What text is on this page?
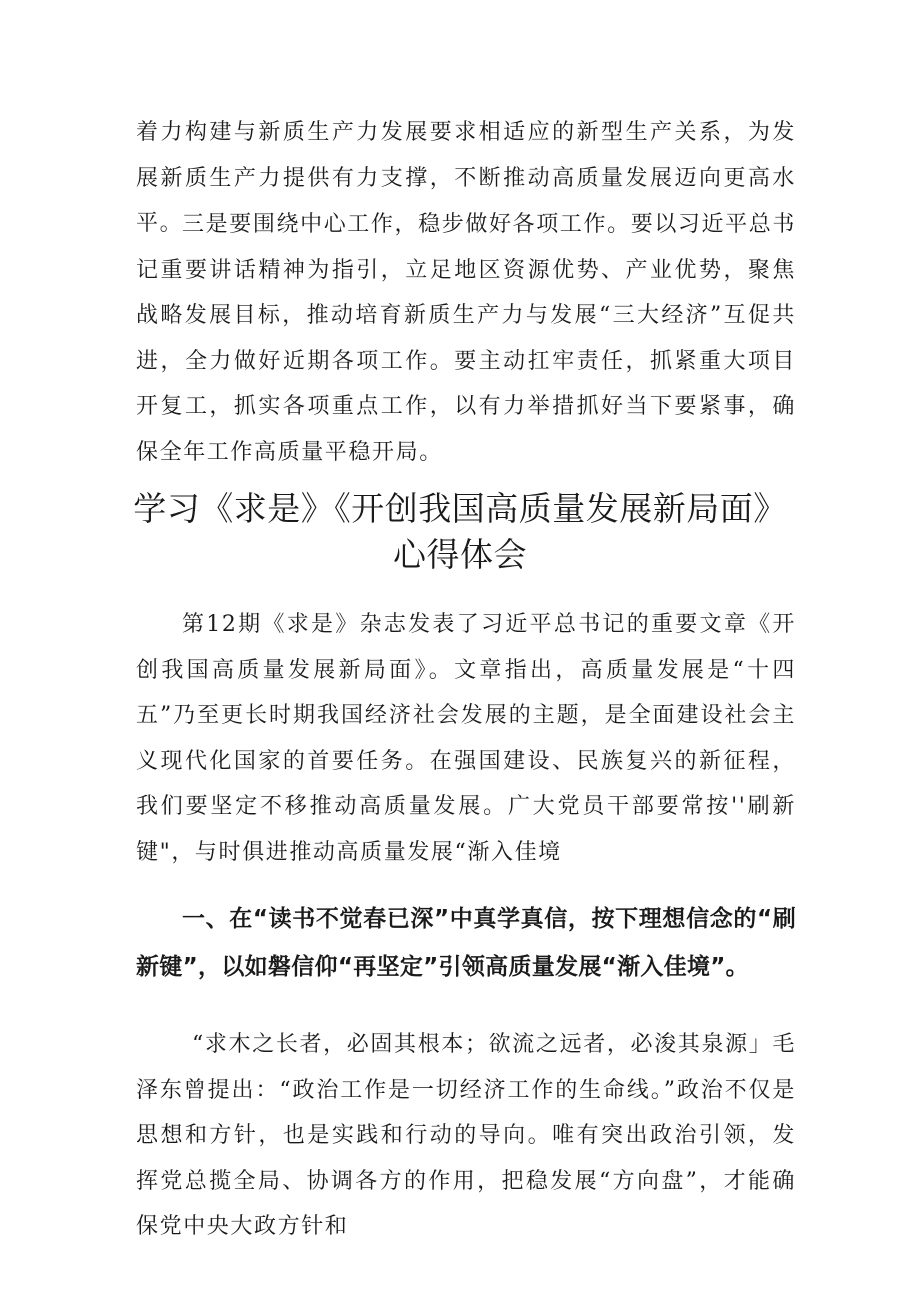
着力构建与新质生产力发展要求相适应的新型生产关系，为发展新质生产力提供有力支撑，不断推动高质量发展迈向更高水平。

三是要围绕中心工作，稳步做好各项工作。要以习近平总书记重要讲话精神为指引，立足地区资源优势、产业优势，聚焦战略发展目标，推动培育新质生产力与发展“三大经济”互促共进，全力做好近期各项工作。要主动扛牢责任，抓紧重大项目开复工，抓实各项重点工作，以有力举措抓好当下要紧事，确保全年工作高质量平稳开局。

学习《求是》《开创我国高质量发展新局面》心得体会

第12期《求是》杂志发表了习近平总书记的重要文章《开创我国高质量发展新局面》。文章指出，高质量发展是“十四五”乃至更长时期我国经济社会发展的主题，是全面建设社会主义现代化国家的首要任务。在强国建设、民族复兴的新征程，我们要坚定不移推动高质量发展。广大党员干部要常按''刷新键"，与时俱进推动高质量发展“渐入佳境

一、在“读书不觉春已深”中真学真信，按下理想信念的“刷新键”，以如磐信仰“再坚定”引领高质量发展“渐入佳境”。

“求木之长者，必固其根本；欲流之远者，必浚其泉源」毛泽东曾提出：“政治工作是一切经济工作的生命线。”政治不仅是思想和方针，也是实践和行动的导向。唯有突出政治引领，发挥党总揽全局、协调各方的作用，把稳发展“方向盘”，才能确保党中央大政方针和
